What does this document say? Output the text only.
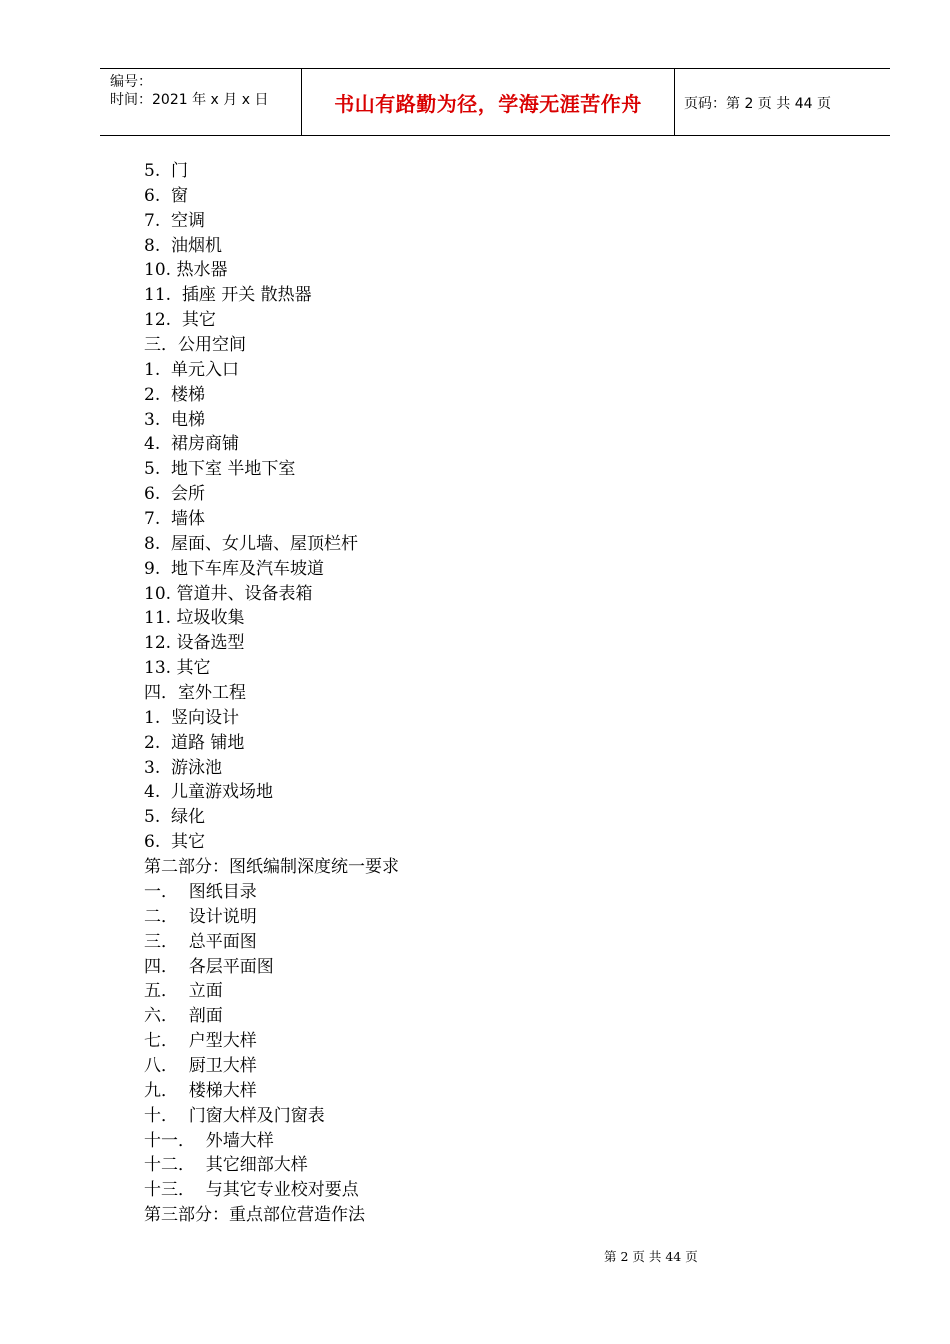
编号：
时间：2021 年 x 月 x 日	书山有路勤为径，学海无涯苦作舟	页码：第 2 页 共 44 页
5.  门
6.  窗
7.  空调
8.  油烟机
10. 热水器
11.  插座 开关 散热器
12.  其它
三．公用空间
1.  单元入口
2.  楼梯
3.  电梯
4.  裙房商铺
5.  地下室 半地下室
6.  会所
7.  墙体
8.  屋面、女儿墙、屋顶栏杆
9.  地下车库及汽车坡道
10. 管道井、设备表箱
11. 垃圾收集
12. 设备选型
13. 其它
四．室外工程
1.  竖向设计
2.  道路 铺地
3.  游泳池
4.  儿童游戏场地
5.  绿化
6.  其它
第二部分：图纸编制深度统一要求
一．  图纸目录
二．  设计说明
三．  总平面图
四．  各层平面图
五．  立面
六．  剖面
七．  户型大样
八．  厨卫大样
九．  楼梯大样
十．  门窗大样及门窗表
十一．  外墙大样
十二．  其它细部大样
十三．  与其它专业校对要点
第三部分：重点部位营造作法
第 2 页 共 44 页
